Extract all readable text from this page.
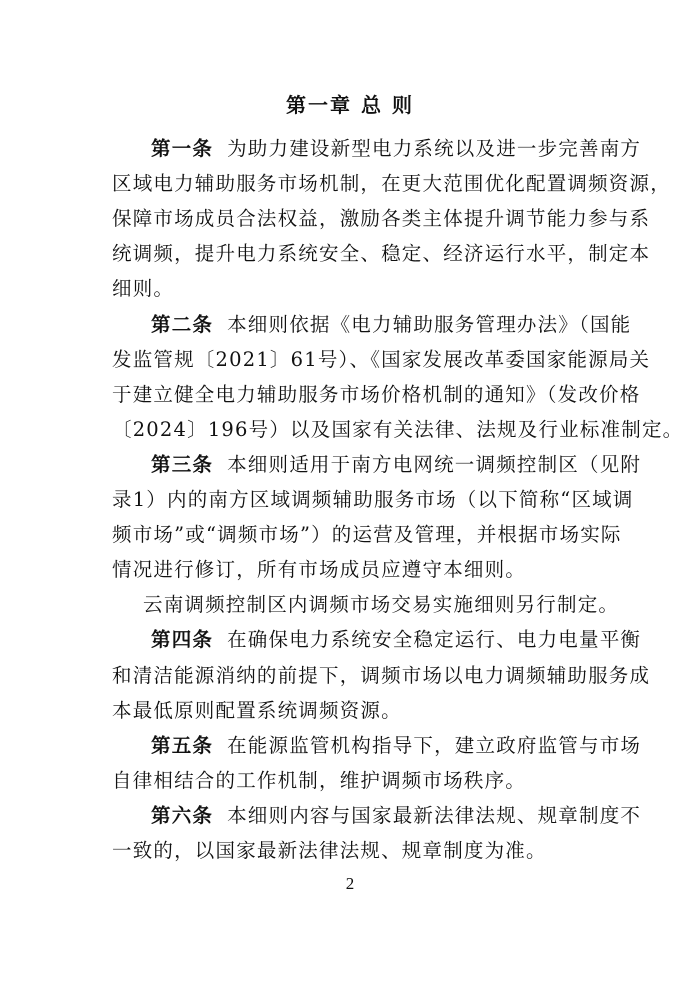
第一章 总 则
第一条 为助力建设新型电力系统以及进一步完善南方
区域电力辅助服务市场机制，在更大范围优化配置调频资源，
保障市场成员合法权益，激励各类主体提升调节能力参与系
统调频，提升电力系统安全、稳定、经济运行水平，制定本
细则。
第二条 本细则依据《电力辅助服务管理办法》（国能
发监管规〔2021〕61号）、《国家发展改革委国家能源局关
于建立健全电力辅助服务市场价格机制的通知》（发改价格
〔2024〕196号）以及国家有关法律、法规及行业标准制定。
第三条 本细则适用于南方电网统一调频控制区（见附
录1）内的南方区域调频辅助服务市场（以下简称“区域调
频市场”或“调频市场”）的运营及管理，并根据市场实际
情况进行修订，所有市场成员应遵守本细则。
云南调频控制区内调频市场交易实施细则另行制定。
第四条 在确保电力系统安全稳定运行、电力电量平衡
和清洁能源消纳的前提下，调频市场以电力调频辅助服务成
本最低原则配置系统调频资源。
第五条 在能源监管机构指导下，建立政府监管与市场
自律相结合的工作机制，维护调频市场秩序。
第六条 本细则内容与国家最新法律法规、规章制度不
一致的，以国家最新法律法规、规章制度为准。
2
